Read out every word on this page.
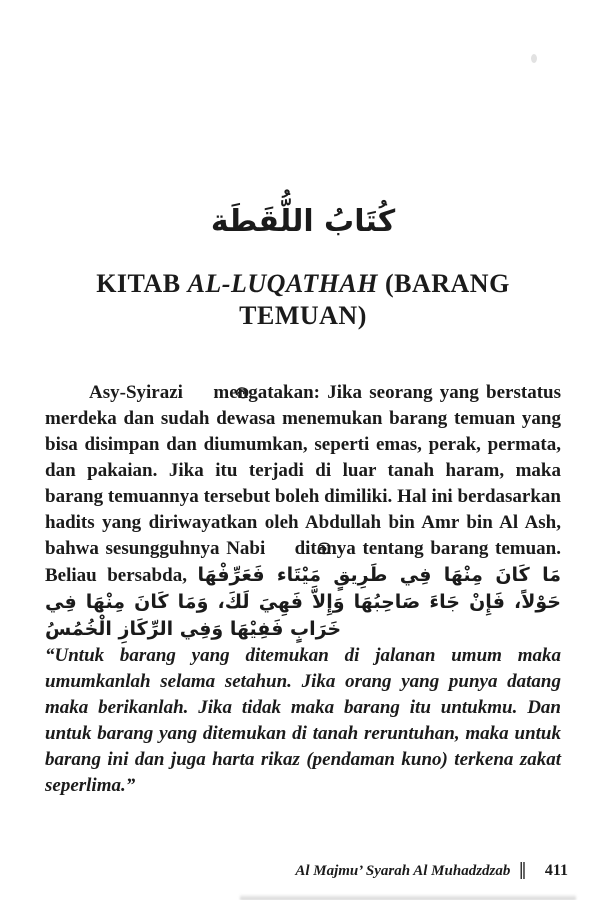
كُتَابُ اللُّقَطَة
KITAB AL-LUQATHAH (BARANG
TEMUAN)

Asy-Syirazi  mengatakan: Jika seorang yang berstatus merdeka dan sudah dewasa menemukan barang temuan yang bisa disimpan dan diumumkan, seperti emas, perak, permata, dan pakaian. Jika itu terjadi di luar tanah haram, maka barang temuannya tersebut boleh dimiliki. Hal ini berdasarkan hadits yang diriwayatkan oleh Abdullah bin Amr bin Al Ash, bahwa sesungguhnya Nabi  ditanya tentang barang temuan. Beliau bersabda, مَا كَانَ مِنْهَا فِي طَرِيقٍ مَيْتَاء فَعَرِّفْهَا حَوْلاً، فَإِنْ جَاءَ صَاحِبُهَا وَإِلاَّ فَهِيَ لَكَ، وَمَا كَانَ مِنْهَا فِي خَرَابٍ فَفِيْهَا وَفِي الرِّكَازِ الْخُمُسُ

“Untuk barang yang ditemukan di jalanan umum maka umumkanlah selama setahun. Jika orang yang punya datang maka berikanlah. Jika tidak maka barang itu untukmu. Dan untuk barang yang ditemukan di tanah reruntuhan, maka untuk barang ini dan juga harta rikaz (pendaman kuno) terkena zakat seperlima.”

Al Majmu’ Syarah Al Muhadzdzab ‖ 411
